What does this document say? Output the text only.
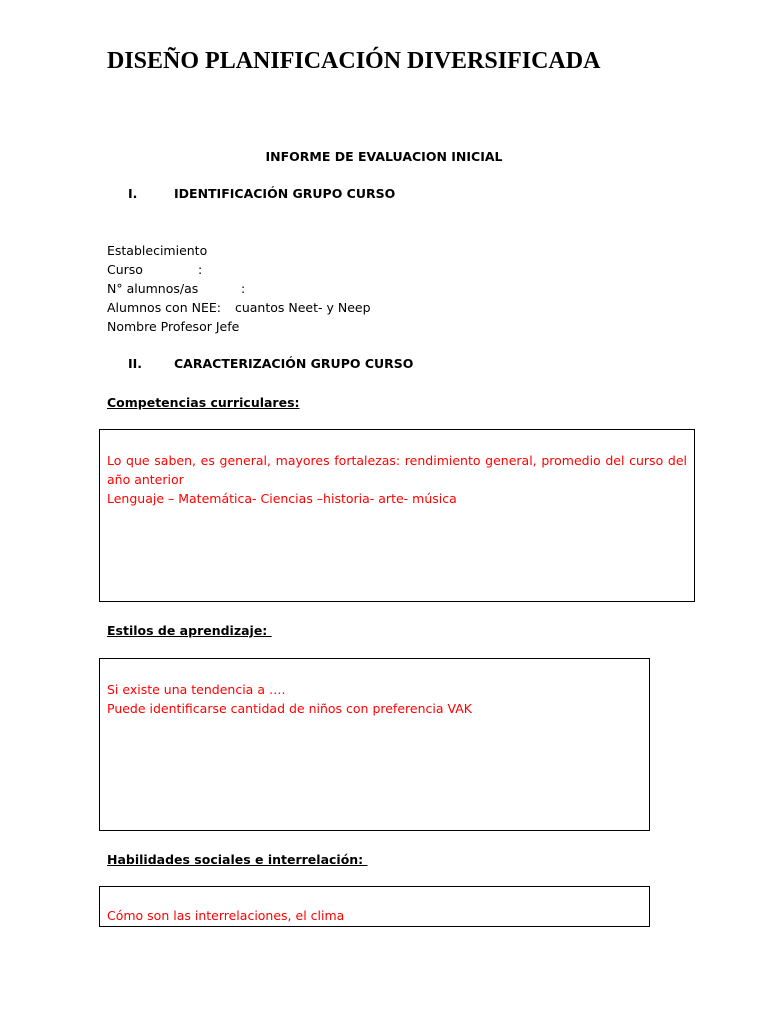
DISEÑO PLANIFICACIÓN DIVERSIFICADA
INFORME DE EVALUACION INICIAL
I.	IDENTIFICACIÓN GRUPO CURSO
Establecimiento
Curso	:
N° alumnos/as	:
Alumnos con NEE: cuantos Neet- y Neep
Nombre Profesor Jefe
II.	CARACTERIZACIÓN GRUPO CURSO
Competencias curriculares:
Lo que saben, es general, mayores fortalezas: rendimiento general, promedio del curso del año anterior
Lenguaje – Matemática- Ciencias –historia- arte- música
Estilos de aprendizaje:
Si existe una tendencia a ….
Puede identificarse cantidad de niños con preferencia VAK
Habilidades sociales e interrelación:
Cómo son las interrelaciones, el clima
